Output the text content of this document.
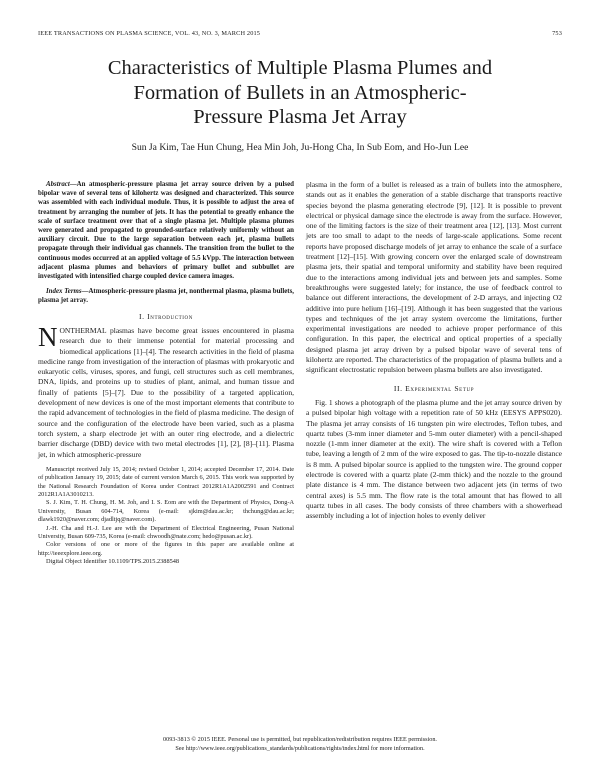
IEEE TRANSACTIONS ON PLASMA SCIENCE, VOL. 43, NO. 3, MARCH 2015	753
Characteristics of Multiple Plasma Plumes and
Formation of Bullets in an Atmospheric-
Pressure Plasma Jet Array
Sun Ja Kim, Tae Hun Chung, Hea Min Joh, Ju-Hong Cha, In Sub Eom, and Ho-Jun Lee

Abstract—An atmospheric-pressure plasma jet array source driven by a pulsed bipolar wave of several tens of kilohertz was designed and characterized. This source was assembled with each individual module. Thus, it is possible to adjust the area of treatment by arranging the number of jets. It has the potential to greatly enhance the scale of surface treatment over that of a single plasma jet. Multiple plasma plumes were generated and propagated to grounded-surface relatively uniformly without an auxiliary circuit. Due to the large separation between each jet, plasma bullets propagate through their individual gas channels. The transition from the bullet to the continuous modes occurred at an applied voltage of 5.5 kVpp. The interaction between adjacent plasma plumes and behaviors of primary bullet and subbullet are investigated with intensified charge coupled device camera images.

Index Terms—Atmospheric-pressure plasma jet, nonthermal plasma, plasma bullets, plasma jet array.

I. Introduction

NONTHERMAL plasmas have become great issues encountered in plasma research due to their immense potential for material processing and biomedical applications [1]–[4]. The research activities in the field of plasma medicine range from investigation of the interaction of plasmas with prokaryotic and eukaryotic cells, viruses, spores, and fungi, cell structures such as cell membranes, DNA, lipids, and proteins up to studies of plant, animal, and human tissue and finally of patients [5]–[7]. Due to the possibility of a targeted application, development of new devices is one of the most important elements that contribute to the rapid advancement of technologies in the field of plasma medicine. The design of source and the configuration of the electrode have been varied, such as a plasma torch system, a sharp electrode jet with an outer ring electrode, and a dielectric barrier discharge (DBD) device with two metal electrodes [1], [2], [8]–[11]. Plasma jet, in which atmospheric-pressure

Manuscript received July 15, 2014; revised October 1, 2014; accepted December 17, 2014. Date of publication January 19, 2015; date of current version March 6, 2015. This work was supported by the National Research Foundation of Korea under Contract 2012R1A1A2002591 and Contract 2012R1A1A3010213.

S. J. Kim, T. H. Chung, H. M. Joh, and I. S. Eom are with the Department of Physics, Dong-A University, Busan 604-714, Korea (e-mail: sjkim@dau.ac.kr; thchung@dau.ac.kr; dlawk1920@naver.com; djadltjq@naver.com).

J.-H. Cha and H.-J. Lee are with the Department of Electrical Engineering, Pusan National University, Busan 609-735, Korea (e-mail: chwoodh@nate.com; hedo@pusan.ac.kr).

Color versions of one or more of the figures in this paper are available online at http://ieeexplore.ieee.org.

Digital Object Identifier 10.1109/TPS.2015.2388548

plasma in the form of a bullet is released as a train of bullets into the atmosphere, stands out as it enables the generation of a stable discharge that transports reactive species beyond the plasma generating electrode [9], [12]. It is possible to prevent electrical or physical damage since the electrode is away from the surface. However, one of the limiting factors is the size of their treatment area [12], [13]. Most current jets are too small to adapt to the needs of large-scale applications. Some recent reports have proposed discharge models of jet array to enhance the scale of a surface treatment [12]–[15]. With growing concern over the enlarged scale of downstream plasma jets, their spatial and temporal uniformity and stability have been required due to the interactions among individual jets and between jets and samples. Some breakthroughs were suggested lately; for instance, the use of feedback control to balance out different interactions, the development of 2-D arrays, and injecting O2 additive into pure helium [16]–[19]. Although it has been suggested that the various types and techniques of the jet array system overcome the limitations, further experimental investigations are needed to achieve proper performance of this configuration. In this paper, the electrical and optical properties of a specially designed plasma jet array driven by a pulsed bipolar wave of several tens of kilohertz are reported. The characteristics of the propagation of plasma bullets and a significant electrostatic repulsion between plasma bullets are also investigated.

II. Experimental Setup

Fig. 1 shows a photograph of the plasma plume and the jet array source driven by a pulsed bipolar high voltage with a repetition rate of 50 kHz (EESYS APPS020). The plasma jet array consists of 16 tungsten pin wire electrodes, Teflon tubes, and quartz tubes (3-mm inner diameter and 5-mm outer diameter) with a pencil-shaped nozzle (1-mm inner diameter at the exit). The wire shaft is covered with a Teflon tube, leaving a length of 2 mm of the wire exposed to gas. The tip-to-nozzle distance is 8 mm. A pulsed bipolar source is applied to the tungsten wire. The ground copper electrode is covered with a quartz plate (2-mm thick) and the nozzle to the ground plate distance is 4 mm. The distance between two adjacent jets (in terms of two central axes) is 5.5 mm. The flow rate is the total amount that has flowed to all quartz tubes in all cases. The body consists of three chambers with a showerhead assembly including a lot of injection holes to evenly deliver

0093-3813 © 2015 IEEE. Personal use is permitted, but republication/redistribution requires IEEE permission.
See http://www.ieee.org/publications_standards/publications/rights/index.html for more information.
